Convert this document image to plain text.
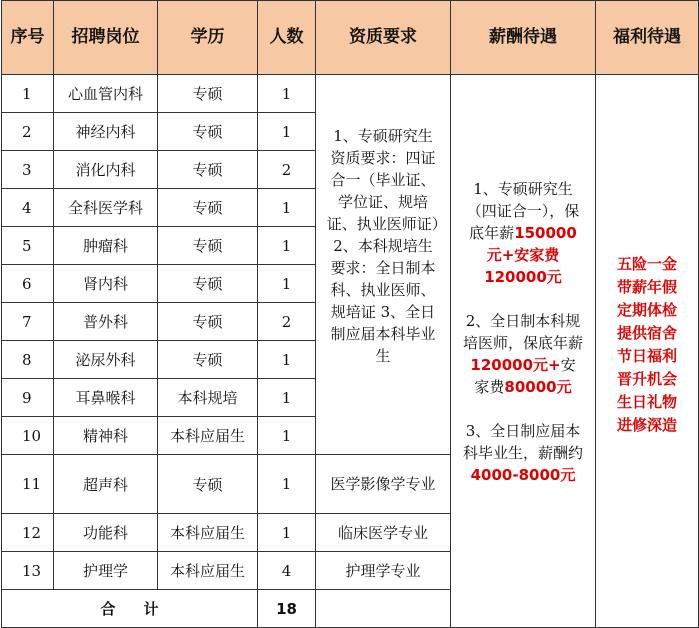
序号	招聘岗位	学历	人数	资质要求	薪酬待遇	福利待遇
1	心血管内科	专硕	1	1、专硕研究生资质要求：四证合一（毕业证、学位证、规培证、执业医师证）2、本科规培生要求：全日制本科、执业医师、规培证 3、全日制应届本科毕业生	1、专硕研究生（四证合一），保底年薪150000元+安家费120000元

2、全日制本科规培医师，保底年薪120000元+安家费80000元

3、全日制应届本科毕业生，薪酬约4000-8000元	五险一金带薪年假定期体检提供宿舍节日福利晋升机会生日礼物进修深造
2	神经内科	专硕	1			
3	消化内科	专硕	2			
4	全科医学科	专硕	1			
5	肿瘤科	专硕	1			
6	肾内科	专硕	1			
7	普外科	专硕	2			
8	泌尿外科	专硕	1			
9	耳鼻喉科	本科规培	1			
10	精神科	本科应届生	1			
11	超声科	专硕	1	医学影像学专业		
12	功能科	本科应届生	1	临床医学专业		
13	护理学	本科应届生	4	护理学专业		
合计			18			
